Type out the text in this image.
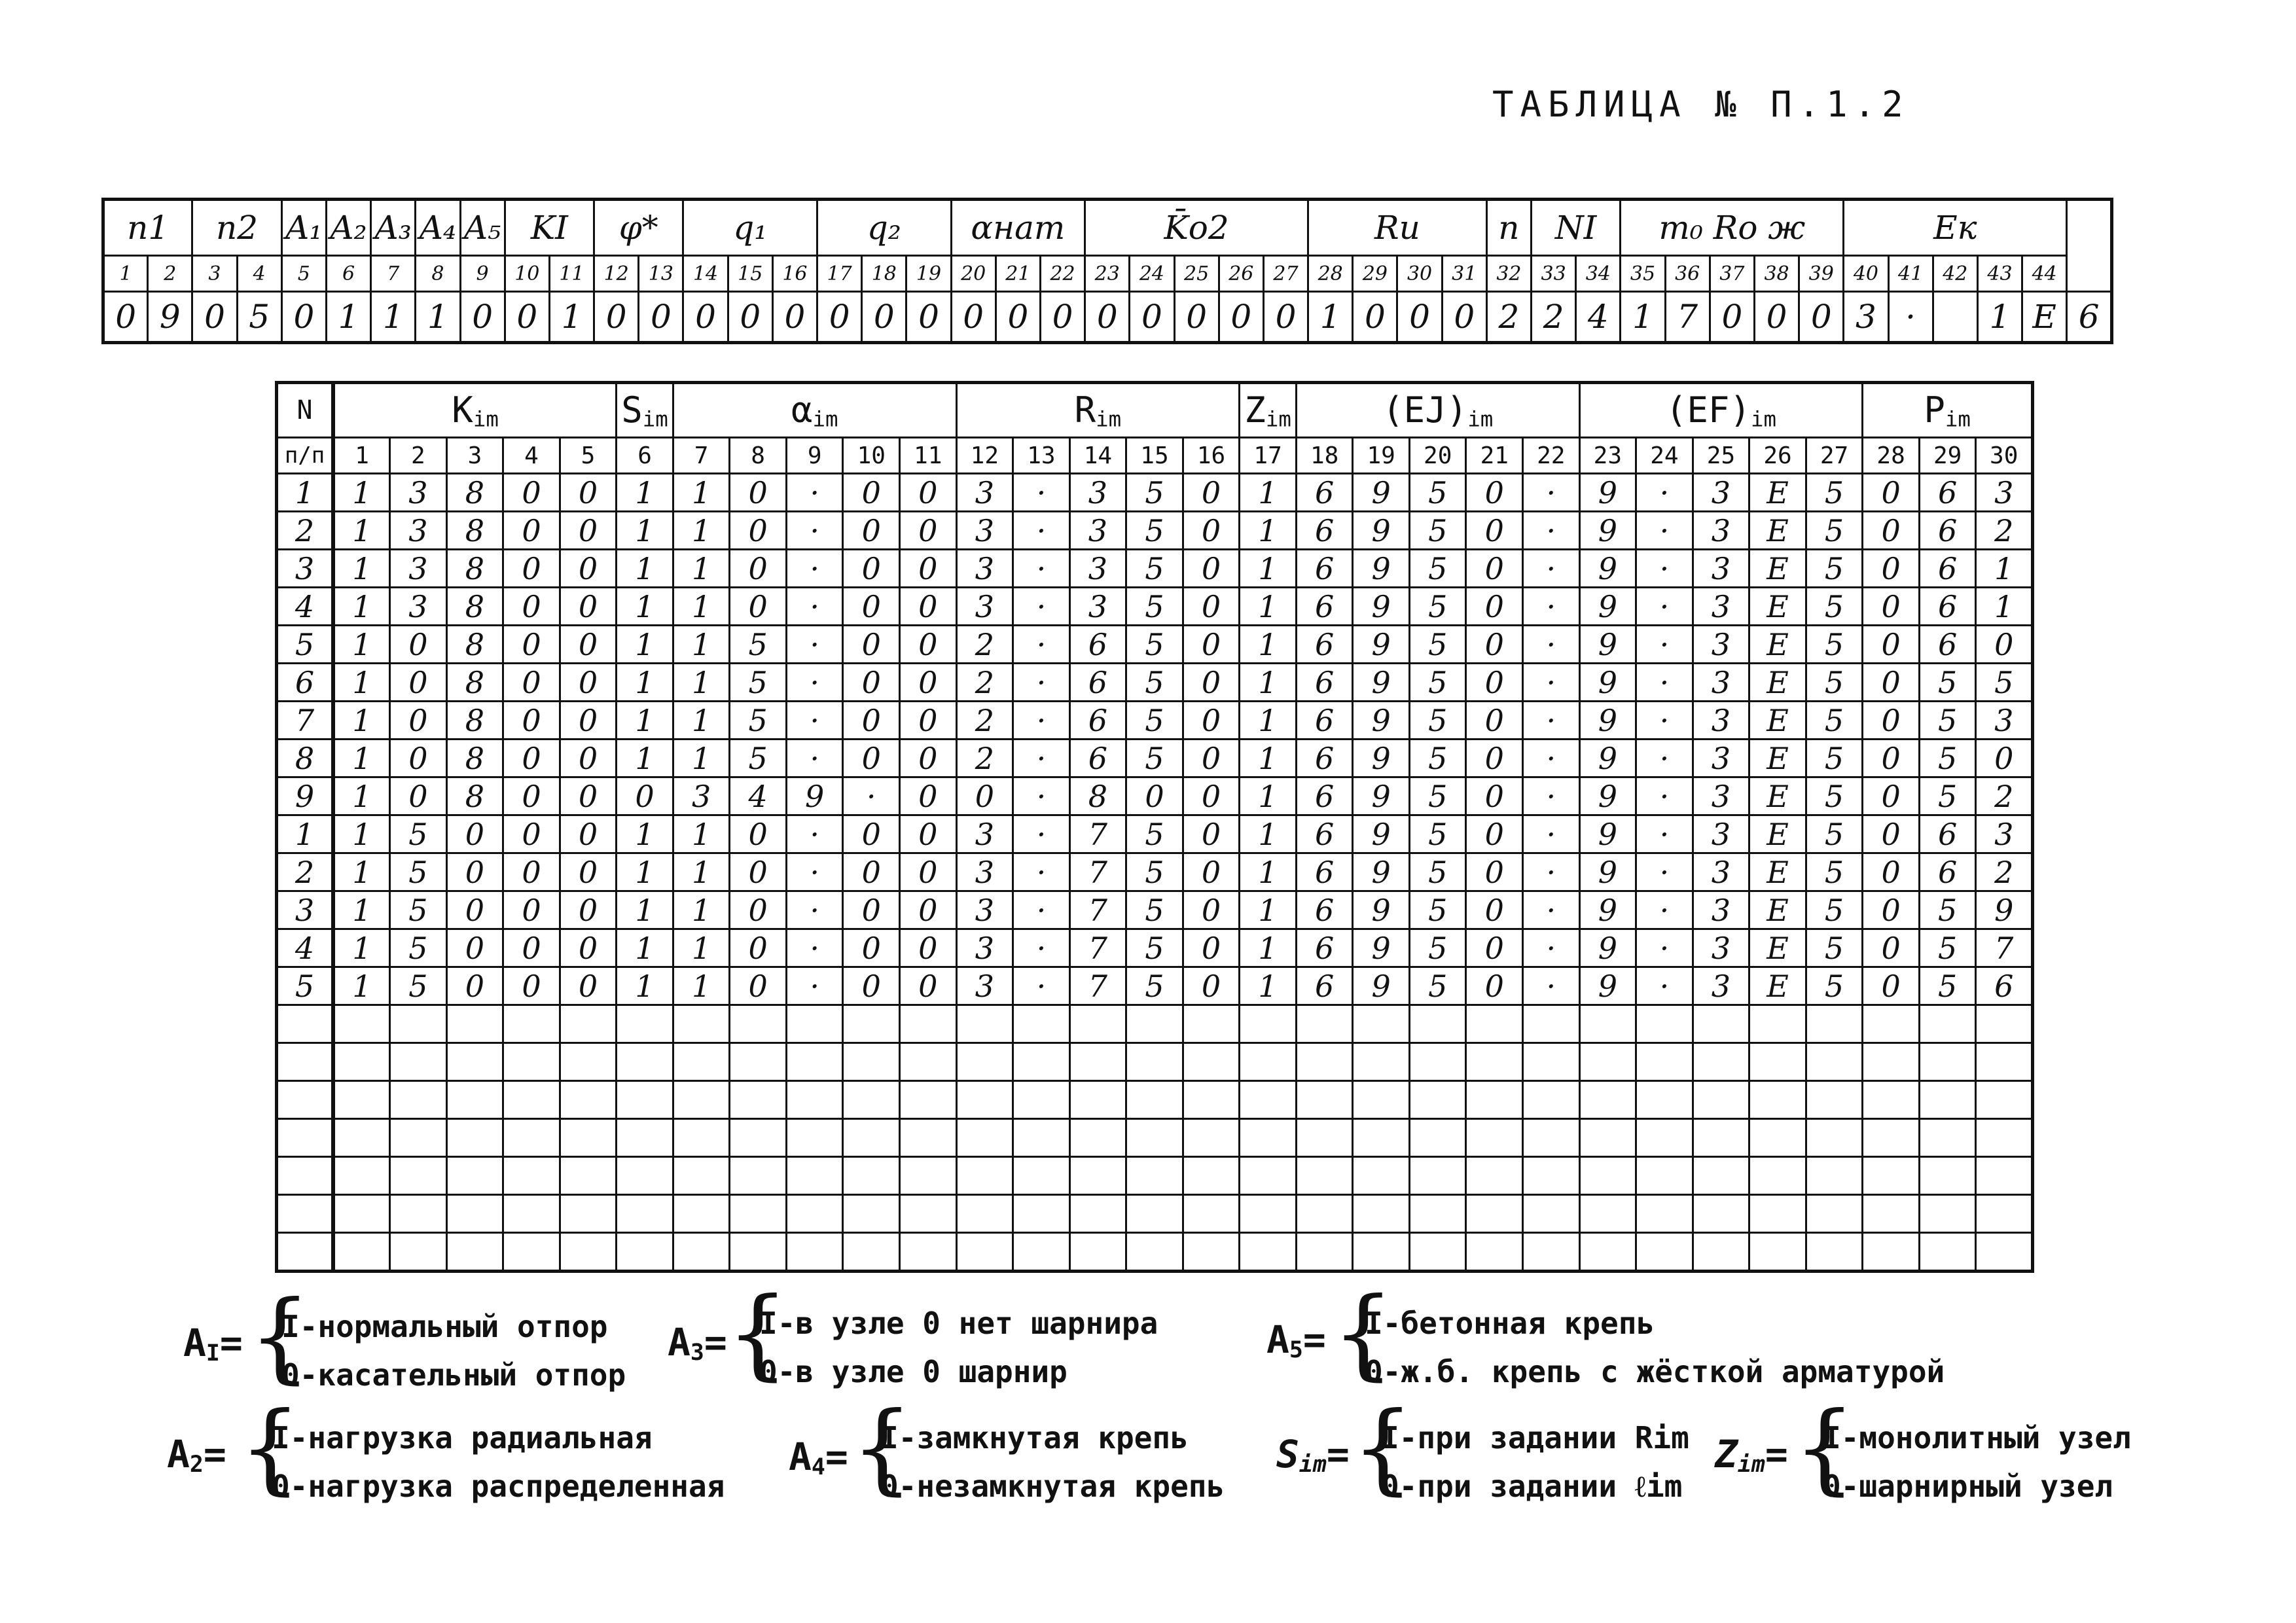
ТАБЛИЦА № П.1.2
n1		n2		A₁	A₂	A₃	A₄	A₅	KI		φ*		q₁			q₂			αнат			K̄o2					Rи				n	NI		m₀ Rо ж					Eк					
1	2	3	4	5	6	7	8	9	10	11	12	13	14	15	16	17	18	19	20	21	22	23	24	25	26	27	28	29	30	31	32	33	34	35	36	37	38	39	40	41	42	43	44	
0	9	0	5	0	1	1	1	0	0	1	0	0	0	0	0	0	0	0	0	0	0	0	0	0	0	0	1	0	0	0	2	2	4	1	7	0	0	0	3	·		1	E	6
N	$K_{im}$					$S_{im}$	$\alpha_{im}$					$R_{im}$					$Z_{im}$	$(EJ)_{im}$					$(EF)_{im}$					$P_{im}$
п/п	1	2	3	4	5	6	7	8	9	10	11	12	13	14	15	16	17	18	19	20	21	22	23	24	25	26	27	28	29	30
1	1	3	8	0	0	1	1	0	·	0	0	3	·	3	5	0	1	6	9	5	0	·	9	·	3	E	5	0	6	3
2	1	3	8	0	0	1	1	0	·	0	0	3	·	3	5	0	1	6	9	5	0	·	9	·	3	E	5	0	6	2
3	1	3	8	0	0	1	1	0	·	0	0	3	·	3	5	0	1	6	9	5	0	·	9	·	3	E	5	0	6	1
4	1	3	8	0	0	1	1	0	·	0	0	3	·	3	5	0	1	6	9	5	0	·	9	·	3	E	5	0	6	1
5	1	0	8	0	0	1	1	5	·	0	0	2	·	6	5	0	1	6	9	5	0	·	9	·	3	E	5	0	6	0
6	1	0	8	0	0	1	1	5	·	0	0	2	·	6	5	0	1	6	9	5	0	·	9	·	3	E	5	0	5	5
7	1	0	8	0	0	1	1	5	·	0	0	2	·	6	5	0	1	6	9	5	0	·	9	·	3	E	5	0	5	3
8	1	0	8	0	0	1	1	5	·	0	0	2	·	6	5	0	1	6	9	5	0	·	9	·	3	E	5	0	5	0
9	1	0	8	0	0	0	3	4	9	·	0	0	·	8	0	0	1	6	9	5	0	·	9	·	3	E	5	0	5	2
1	1	5	0	0	0	1	1	0	·	0	0	3	·	7	5	0	1	6	9	5	0	·	9	·	3	E	5	0	6	3
2	1	5	0	0	0	1	1	0	·	0	0	3	·	7	5	0	1	6	9	5	0	·	9	·	3	E	5	0	6	2
3	1	5	0	0	0	1	1	0	·	0	0	3	·	7	5	0	1	6	9	5	0	·	9	·	3	E	5	0	5	9
4	1	5	0	0	0	1	1	0	·	0	0	3	·	7	5	0	1	6	9	5	0	·	9	·	3	E	5	0	5	7
5	1	5	0	0	0	1	1	0	·	0	0	3	·	7	5	0	1	6	9	5	0	·	9	·	3	E	5	0	5	6

$A_I=$ {
I-нормальный отпор
0-касательный отпор
$A_2=$ {
I-нагрузка радиальная
0-нагрузка распределенная
$A_3=$ {
I-в узле 0 нет шарнира
0-в узле 0 шарнир
$A_4=$ {
I-замкнутая крепь
0-незамкнутая крепь
$A_5=$ {
I-бетонная крепь
0-ж.б. крепь с жёсткой арматурой
$S_{im}=$ {
I-при задании Rim
0-при задании ℓim
$Z_{im}=$ {
I-монолитный узел
0-шарнирный узел
